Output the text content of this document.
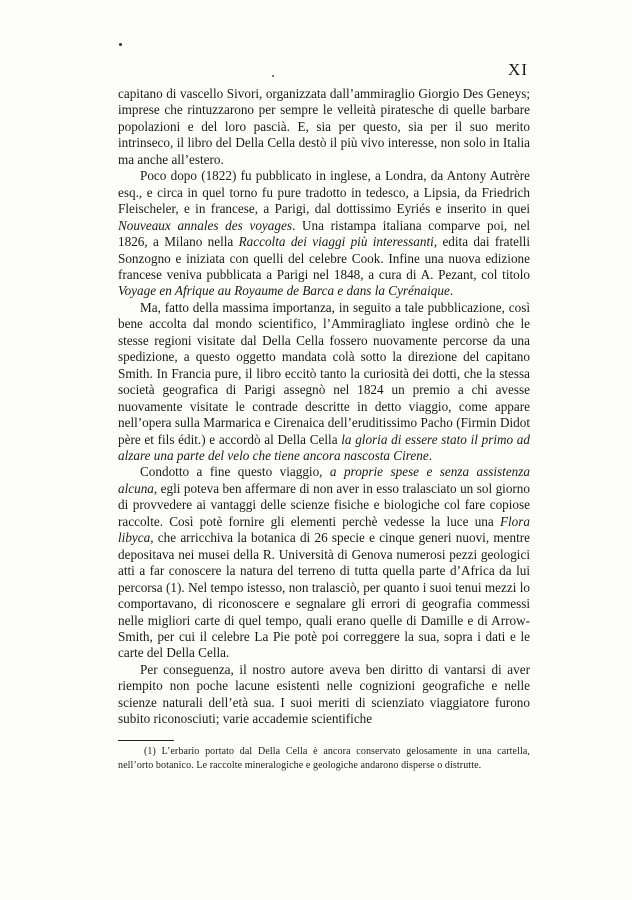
XI

capitano di vascello Sivori, organizzata dall’ammiraglio Giorgio Des Geneys; imprese che rintuzzarono per sempre le velleità piratesche di quelle barbare popolazioni e del loro pascià. E, sia per questo, sia per il suo merito intrinseco, il libro del Della Cella destò il più vivo interesse, non solo in Italia ma anche all’estero.

Poco dopo (1822) fu pubblicato in inglese, a Londra, da Antony Autrère esq., e circa in quel torno fu pure tradotto in tedesco, a Lipsia, da Friedrich Fleischeler, e in francese, a Parigi, dal dottissimo Eyriés e inserito in quei Nouveaux annales des voyages. Una ristampa italiana comparve poi, nel 1826, a Milano nella Raccolta dei viaggi più interessanti, edita dai fratelli Sonzogno e iniziata con quelli del celebre Cook. Infine una nuova edizione francese veniva pubblicata a Parigi nel 1848, a cura di A. Pezant, col titolo Voyage en Afrique au Royaume de Barca e dans la Cyrénaique.

Ma, fatto della massima importanza, in seguito a tale pubblicazione, così bene accolta dal mondo scientifico, l’Ammiragliato inglese ordinò che le stesse regioni visitate dal Della Cella fossero nuovamente percorse da una spedizione, a questo oggetto mandata colà sotto la direzione del capitano Smith. In Francia pure, il libro eccitò tanto la curiosità dei dotti, che la stessa società geografica di Parigi assegnò nel 1824 un premio a chi avesse nuovamente visitate le contrade descritte in detto viaggio, come appare nell’opera sulla Marmarica e Cirenaica dell’eruditissimo Pacho (Firmin Didot père et fils édit.) e accordò al Della Cella la gloria di essere stato il primo ad alzare una parte del velo che tiene ancora nascosta Cirene.

Condotto a fine questo viaggio, a proprie spese e senza assistenza alcuna, egli poteva ben affermare di non aver in esso tralasciato un sol giorno di provvedere ai vantaggi delle scienze fisiche e biologiche col fare copiose raccolte. Così potè fornire gli elementi perchè vedesse la luce una Flora libyca, che arricchiva la botanica di 26 specie e cinque generi nuovi, mentre depositava nei musei della R. Università di Genova numerosi pezzi geologici atti a far conoscere la natura del terreno di tutta quella parte d’Africa da lui percorsa (1). Nel tempo istesso, non tralasciò, per quanto i suoi tenui mezzi lo comportavano, di riconoscere e segnalare gli errori di geografia commessi nelle migliori carte di quel tempo, quali erano quelle di Damille e di Arrow-Smith, per cui il celebre La Pie potè poi correggere la sua, sopra i dati e le carte del Della Cella.

Per conseguenza, il nostro autore aveva ben diritto di vantarsi di aver riempito non poche lacune esistenti nelle cognizioni geografiche e nelle scienze naturali dell’età sua. I suoi meriti di scienziato viaggiatore furono subito riconosciuti; varie accademie scientifiche

(1) L’erbario portato dal Della Cella è ancora conservato gelosamente in una cartella, nell’orto botanico. Le raccolte mineralogiche e geologiche andarono disperse o distrutte.
